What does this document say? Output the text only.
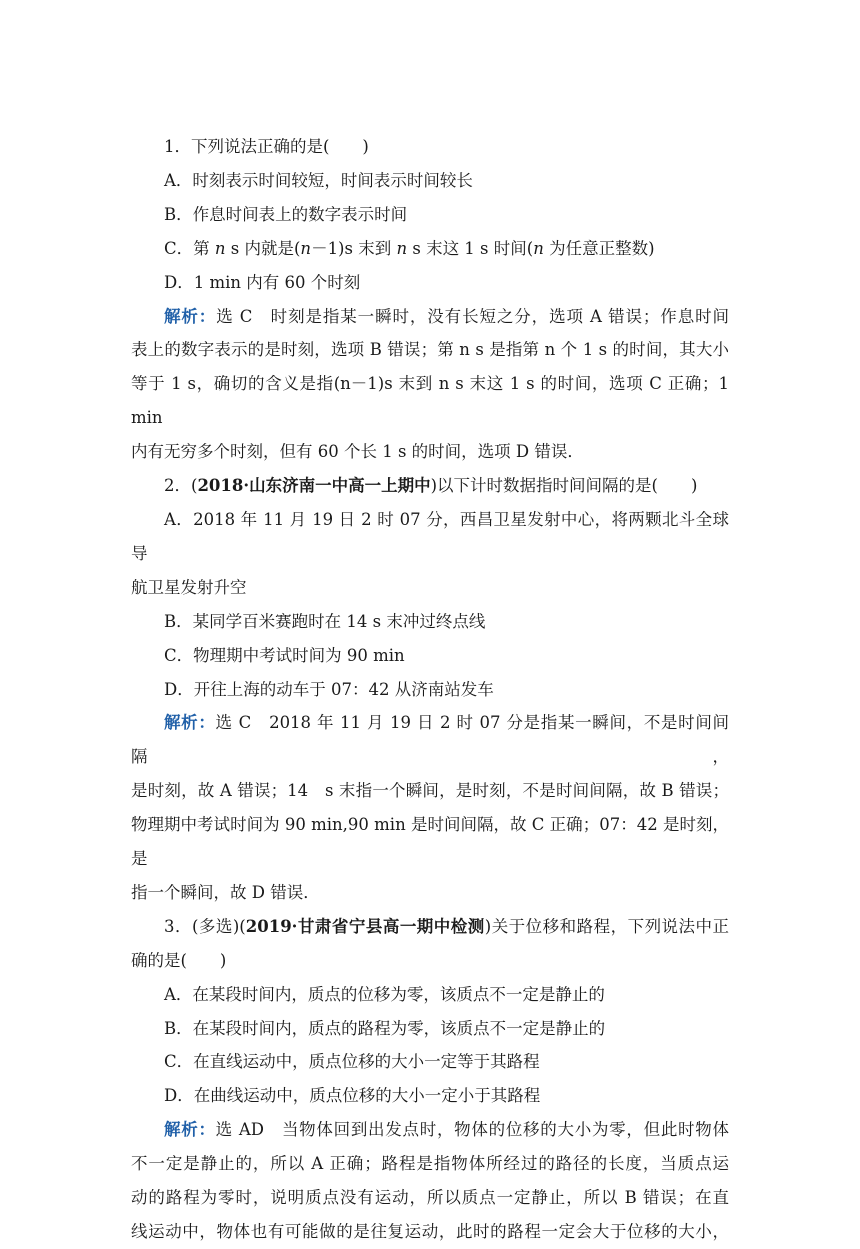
1．下列说法正确的是(　　)

A．时刻表示时间较短，时间表示时间较长

B．作息时间表上的数字表示时间

C．第 n s 内就是(n－1)s 末到 n s 末这 1 s 时间(n 为任意正整数)

D．1 min 内有 60 个时刻

解析：选 C　时刻是指某一瞬时，没有长短之分，选项 A 错误；作息时间

表上的数字表示的是时刻，选项 B 错误；第 n s 是指第 n 个 1 s 的时间，其大小

等于 1 s，确切的含义是指(n－1)s 末到 n s 末这 1 s 的时间，选项 C 正确；1 min

内有无穷多个时刻，但有 60 个长 1 s 的时间，选项 D 错误．

2．(2018·山东济南一中高一上期中)以下计时数据指时间间隔的是(　　)

A．2018 年 11 月 19 日 2 时 07 分，西昌卫星发射中心，将两颗北斗全球导

航卫星发射升空

B．某同学百米赛跑时在 14 s 末冲过终点线

C．物理期中考试时间为 90 min

D．开往上海的动车于 07：42 从济南站发车

解析：选 C　2018 年 11 月 19 日 2 时 07 分是指某一瞬间，不是时间间隔，

是时刻，故 A 错误；14　s 末指一个瞬间，是时刻，不是时间间隔，故 B 错误；

物理期中考试时间为 90 min,90 min 是时间间隔，故 C 正确；07：42 是时刻，是

指一个瞬间，故 D 错误．

3．(多选)(2019·甘肃省宁县高一期中检测)关于位移和路程，下列说法中正

确的是(　　)

A．在某段时间内，质点的位移为零，该质点不一定是静止的

B．在某段时间内，质点的路程为零，该质点不一定是静止的

C．在直线运动中，质点位移的大小一定等于其路程

D．在曲线运动中，质点位移的大小一定小于其路程

解析：选 AD　当物体回到出发点时，物体的位移的大小为零，但此时物体

不一定是静止的，所以 A 正确；路程是指物体所经过的路径的长度，当质点运

动的路程为零时，说明质点没有运动，所以质点一定静止，所以 B 错误；在直

线运动中，物体也有可能做的是往复运动，此时的路程一定会大于位移的大小，
